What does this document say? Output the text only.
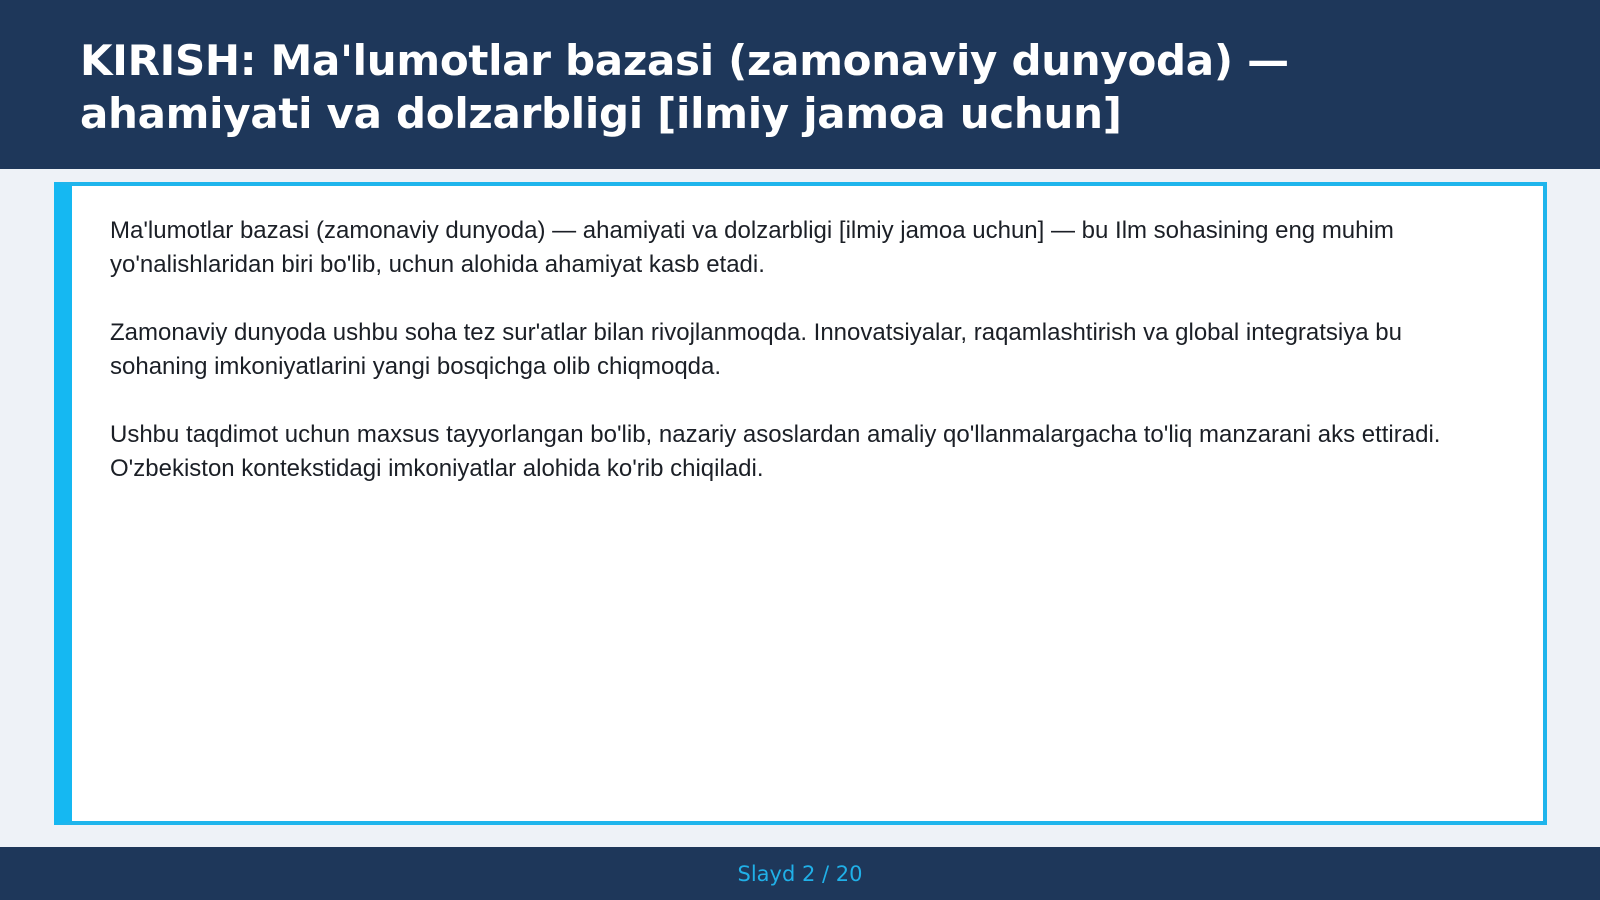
KIRISH: Ma'lumotlar bazasi (zamonaviy dunyoda) — ahamiyati va dolzarbligi [ilmiy jamoa uchun]

Ma'lumotlar bazasi (zamonaviy dunyoda) — ahamiyati va dolzarbligi [ilmiy jamoa uchun] — bu Ilm sohasining eng muhim yo'nalishlaridan biri bo'lib, uchun alohida ahamiyat kasb etadi.

Zamonaviy dunyoda ushbu soha tez sur'atlar bilan rivojlanmoqda. Innovatsiyalar, raqamlashtirish va global integratsiya bu sohaning imkoniyatlarini yangi bosqichga olib chiqmoqda.

Ushbu taqdimot uchun maxsus tayyorlangan bo'lib, nazariy asoslardan amaliy qo'llanmalargacha to'liq manzarani aks ettiradi. O'zbekiston kontekstidagi imkoniyatlar alohida ko'rib chiqiladi.

Slayd 2 / 20
